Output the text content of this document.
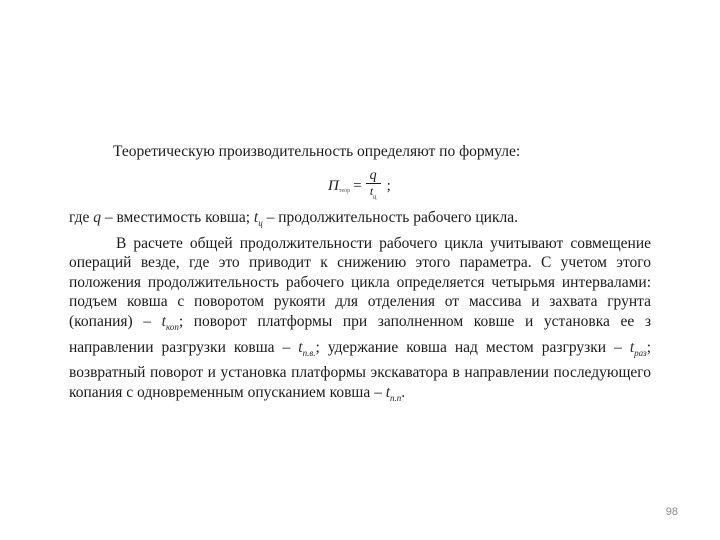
Теоретическую производительность определяют по формуле:
$П_{теор} = \frac{q}{t_ц}$ ;

где q – вместимость ковша; $t_ц$ – продолжительность рабочего цикла.

В расчете общей продолжительности рабочего цикла учитывают совмещение операций везде, где это приводит к снижению этого параметра. С учетом этого положения продолжительность рабочего цикла определяется четырьмя интервалами: подъем ковша с поворотом рукояти для отделения от массива и захвата грунта (копания) – $t_{коп}$; поворот платформы при заполненном ковше и установка ее з направлении разгрузки ковша – $t_{п.в.}$; удержание ковша над местом разгрузки – $t_{раз}$; возвратный поворот и установка платформы экскаватора в направлении последующего копания с одновременным опусканием ковша – $t_{п.п}$.

98
